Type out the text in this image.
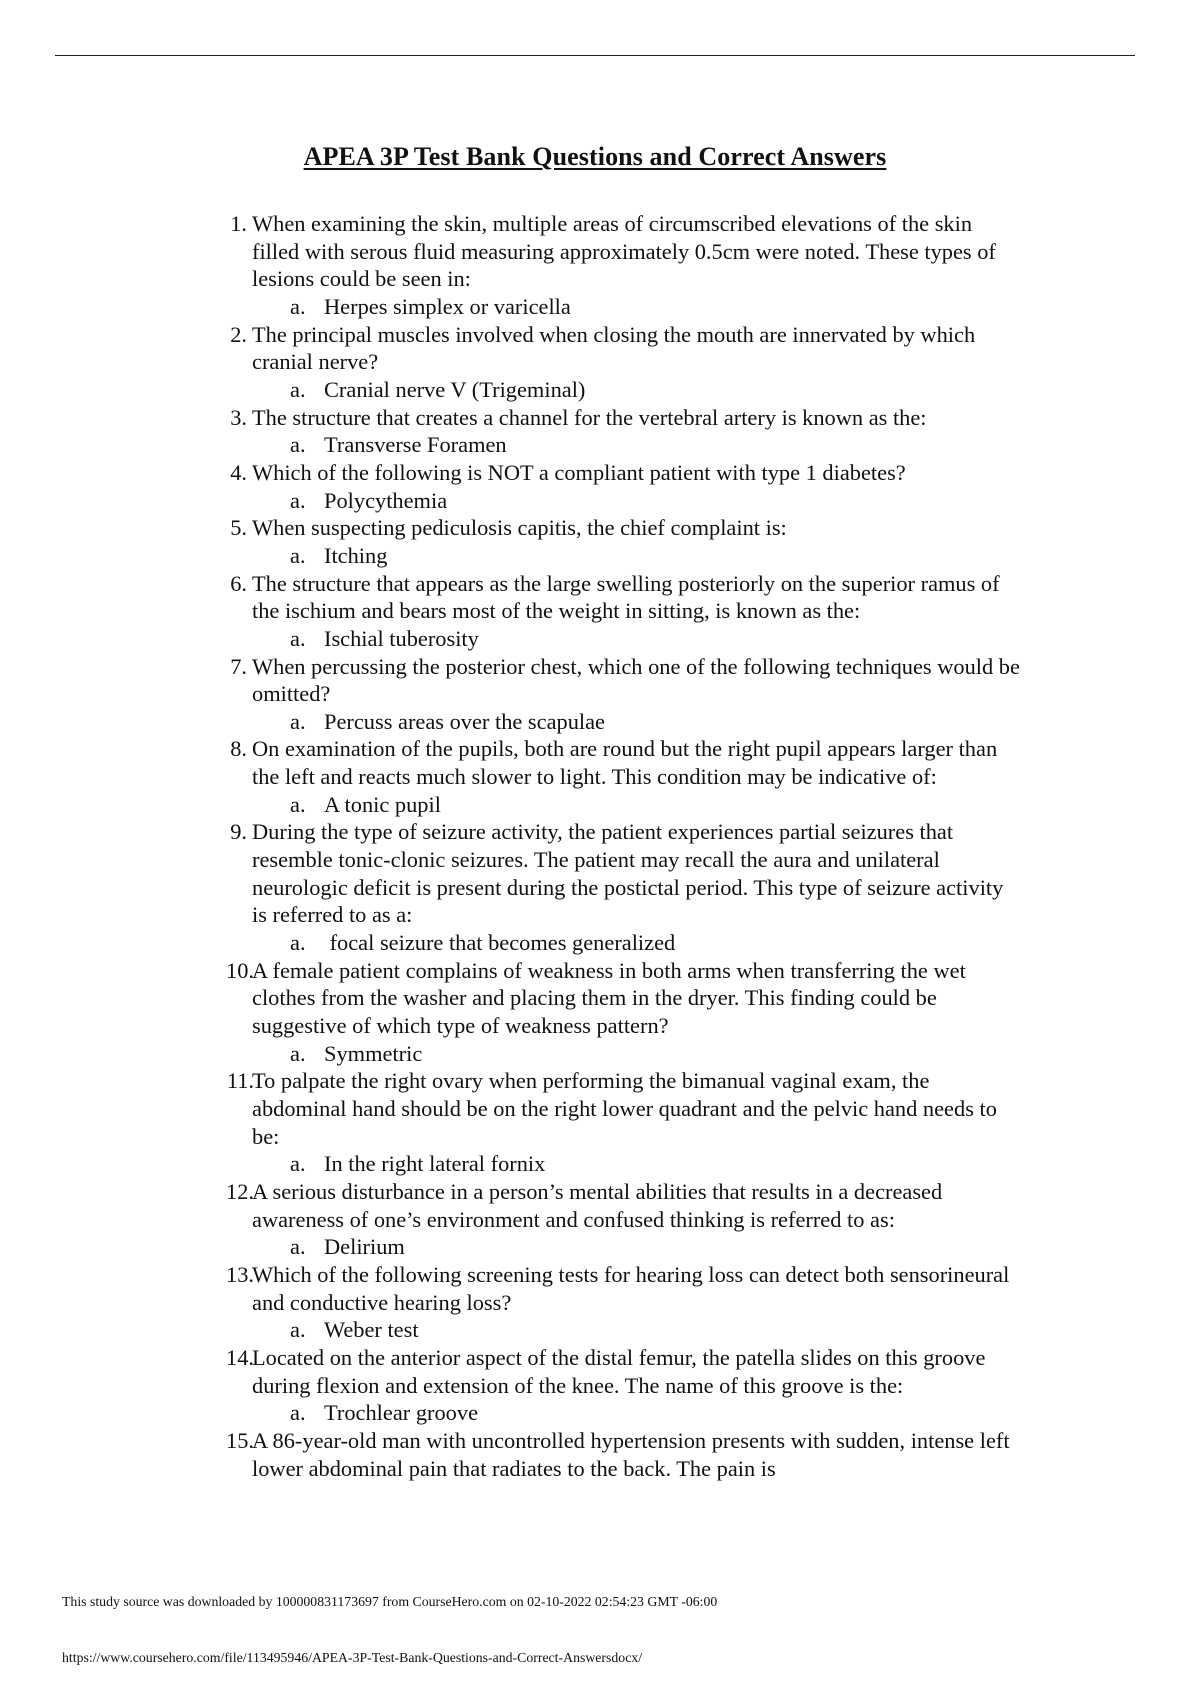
APEA 3P Test Bank Questions and Correct Answers
1. When examining the skin, multiple areas of circumscribed elevations of the skin filled with serous fluid measuring approximately 0.5cm were noted. These types of lesions could be seen in:
a. Herpes simplex or varicella
2. The principal muscles involved when closing the mouth are innervated by which cranial nerve?
a. Cranial nerve V (Trigeminal)
3. The structure that creates a channel for the vertebral artery is known as the:
a. Transverse Foramen
4. Which of the following is NOT a compliant patient with type 1 diabetes?
a. Polycythemia
5. When suspecting pediculosis capitis, the chief complaint is:
a. Itching
6. The structure that appears as the large swelling posteriorly on the superior ramus of the ischium and bears most of the weight in sitting, is known as the:
a. Ischial tuberosity
7. When percussing the posterior chest, which one of the following techniques would be omitted?
a. Percuss areas over the scapulae
8. On examination of the pupils, both are round but the right pupil appears larger than the left and reacts much slower to light. This condition may be indicative of:
a. A tonic pupil
9. During the type of seizure activity, the patient experiences partial seizures that resemble tonic-clonic seizures. The patient may recall the aura and unilateral neurologic deficit is present during the postictal period. This type of seizure activity is referred to as a:
a. focal seizure that becomes generalized
10.
A female patient complains of weakness in both arms when transferring the wet clothes from the washer and placing them in the dryer. This finding could be suggestive of which type of weakness pattern?
a. Symmetric
11.
To palpate the right ovary when performing the bimanual vaginal exam, the abdominal hand should be on the right lower quadrant and the pelvic hand needs to be:
a. In the right lateral fornix
12.
A serious disturbance in a person’s mental abilities that results in a decreased awareness of one’s environment and confused thinking is referred to as:
a. Delirium
13.
Which of the following screening tests for hearing loss can detect both sensorineural and conductive hearing loss?
a. Weber test
14.
Located on the anterior aspect of the distal femur, the patella slides on this groove during flexion and extension of the knee. The name of this groove is the:
a. Trochlear groove
15.
A 86-year-old man with uncontrolled hypertension presents with sudden, intense left lower abdominal pain that radiates to the back. The pain is
This study source was downloaded by 100000831173697 from CourseHero.com on 02-10-2022 02:54:23 GMT -06:00
https://www.coursehero.com/file/113495946/APEA-3P-Test-Bank-Questions-and-Correct-Answersdocx/
